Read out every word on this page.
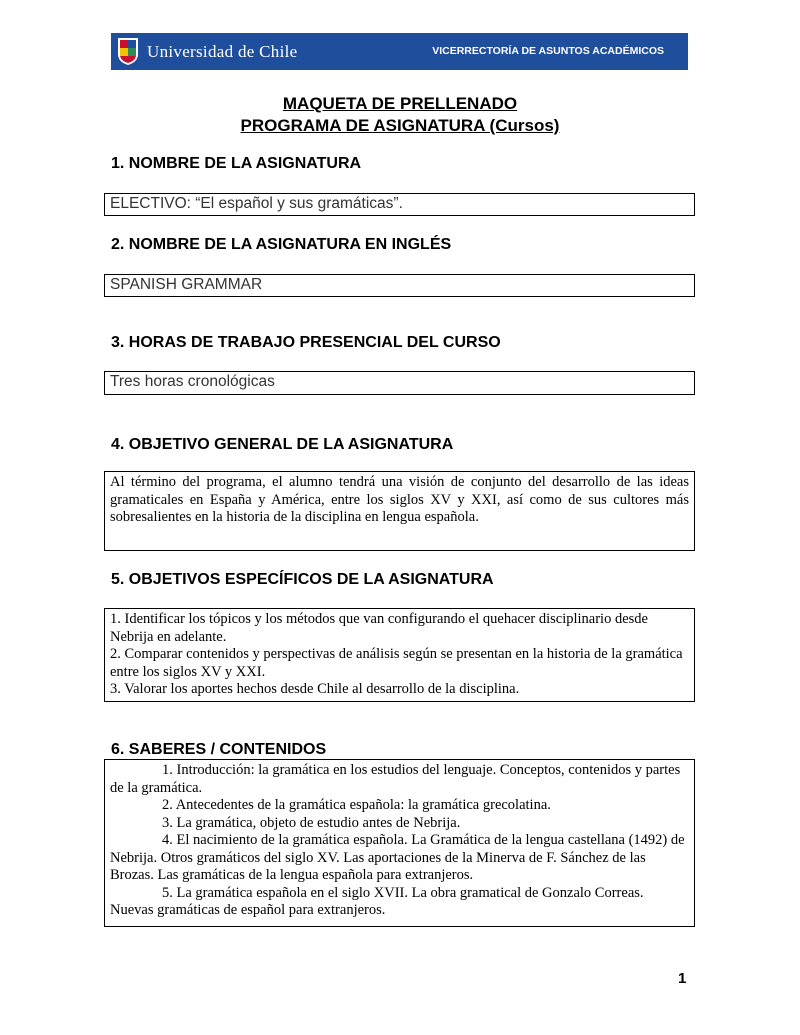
Universidad de Chile	VICERRECTORÍA DE ASUNTOS ACADÉMICOS
MAQUETA DE PRELLENADO
PROGRAMA DE ASIGNATURA (Cursos)
1. NOMBRE DE LA ASIGNATURA
ELECTIVO: “El español y sus gramáticas”.
2. NOMBRE DE LA ASIGNATURA EN INGLÉS
SPANISH GRAMMAR
3. HORAS DE TRABAJO PRESENCIAL DEL CURSO
Tres horas cronológicas
4. OBJETIVO GENERAL DE LA ASIGNATURA
Al término del programa, el alumno tendrá una visión de conjunto del desarrollo de las ideas gramaticales en España y América, entre los siglos XV y XXI, así como de sus cultores más sobresalientes en la historia de la disciplina en lengua española.
5. OBJETIVOS ESPECÍFICOS DE LA ASIGNATURA
1. Identificar los tópicos y los métodos que van configurando el quehacer disciplinario desde Nebrija en adelante.
2. Comparar contenidos y perspectivas de análisis según se presentan en la historia de la gramática entre los siglos XV y XXI.
3. Valorar los aportes hechos desde Chile al desarrollo de la disciplina.
6. SABERES / CONTENIDOS
1. Introducción: la gramática en los estudios del lenguaje. Conceptos, contenidos y partes de la gramática.
2. Antecedentes de la gramática española: la gramática grecolatina.
3. La gramática, objeto de estudio antes de Nebrija.
4. El nacimiento de la gramática española. La Gramática de la lengua castellana (1492) de Nebrija. Otros gramáticos del siglo XV. Las aportaciones de la Minerva de F. Sánchez de las Brozas. Las gramáticas de la lengua española para extranjeros.
5. La gramática española en el siglo XVII. La obra gramatical de Gonzalo Correas. Nuevas gramáticas de español para extranjeros.
1
